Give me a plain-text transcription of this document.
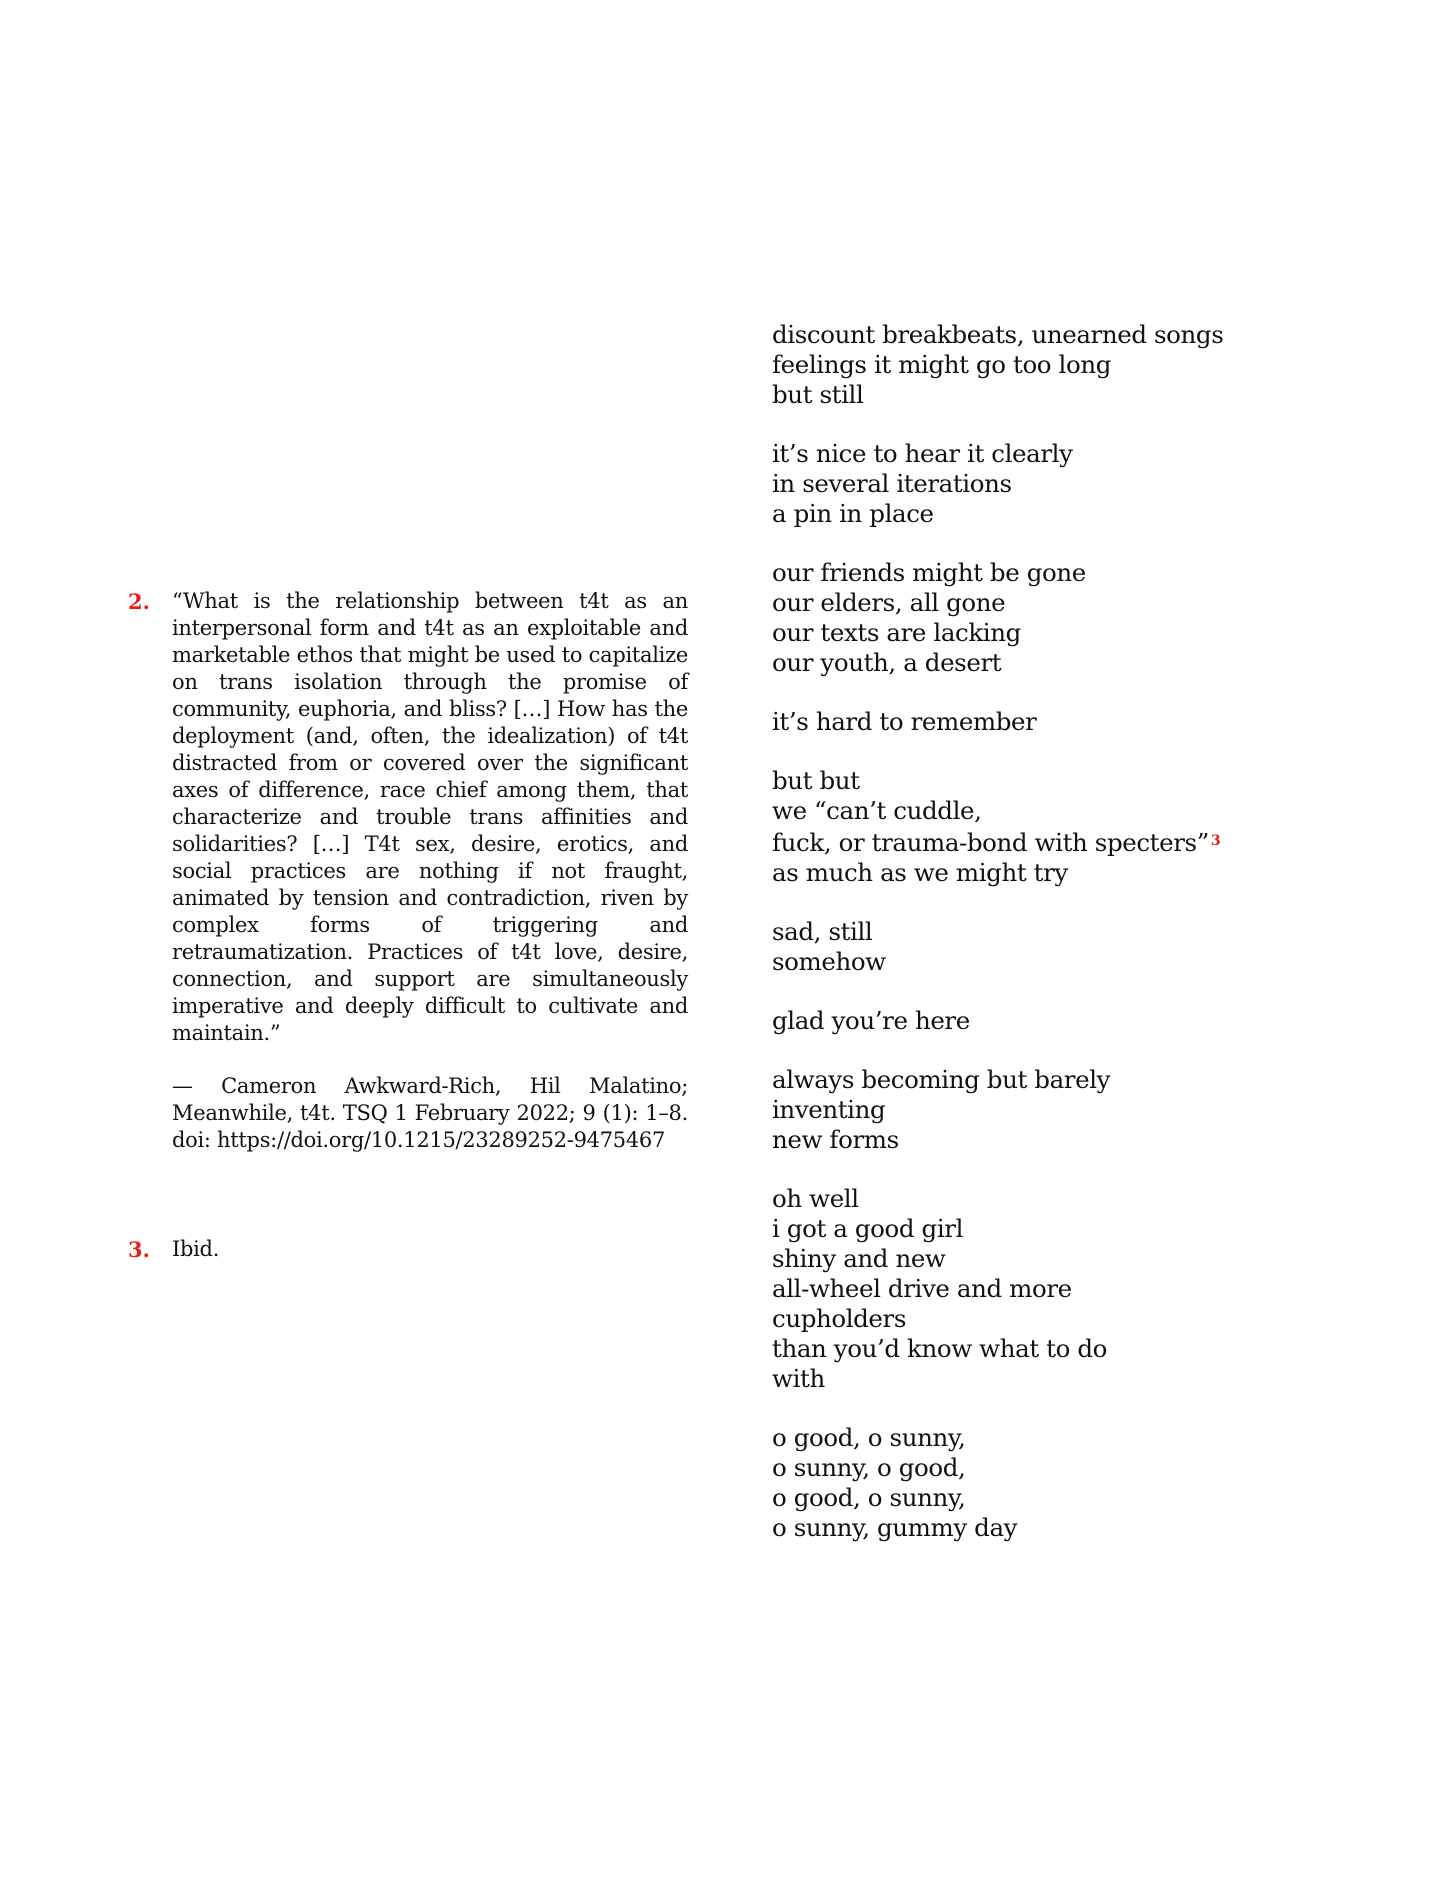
2. “What is the relationship between t4t as an interpersonal form and t4t as an exploitable and marketable ethos that might be used to capitalize on trans isolation through the promise of community, euphoria, and bliss? […] How has the deployment (and, often, the idealization) of t4t distracted from or covered over the significant axes of difference, race chief among them, that characterize and trouble trans affinities and solidarities? […] T4t sex, desire, erotics, and social practices are nothing if not fraught, animated by tension and contradiction, riven by complex forms of triggering and retraumatization. Practices of t4t love, desire, connection, and support are simultaneously imperative and deeply difficult to cultivate and maintain.”

— Cameron Awkward-Rich, Hil Malatino; Meanwhile, t4t. TSQ 1 February 2022; 9 (1): 1–8. doi: https://doi.org/10.1215/23289252-9475467

3. Ibid.

discount breakbeats, unearned songs
feelings it might go too long
but still
it’s nice to hear it clearly
in several iterations
a pin in place
our friends might be gone
our elders, all gone
our texts are lacking
our youth, a desert
it’s hard to remember
but but
we “can’t cuddle,
fuck, or trauma-bond with specters” $^3$
as much as we might try
sad, still
somehow
glad you’re here
always becoming but barely
inventing
new forms
oh well
i got a good girl
shiny and new
all-wheel drive and more
cupholders
than you’d know what to do
with
o good, o sunny,
o sunny, o good,
o good, o sunny,
o sunny, gummy day
